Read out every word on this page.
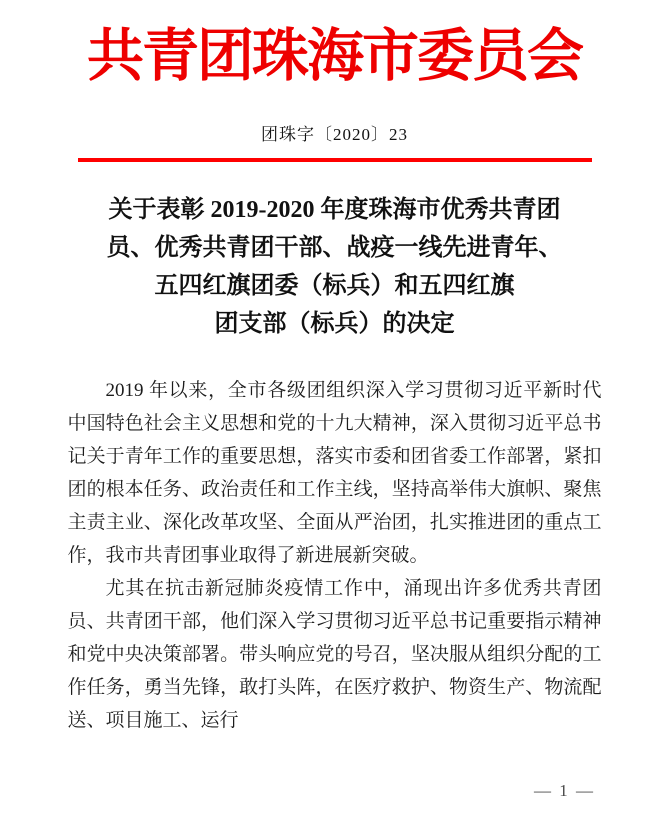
共青团珠海市委员会
团珠字〔2020〕23
关于表彰 2019-2020 年度珠海市优秀共青团
员、优秀共青团干部、战疫一线先进青年、
五四红旗团委（标兵）和五四红旗
团支部（标兵）的决定

2019 年以来，全市各级团组织深入学习贯彻习近平新时代中国特色社会主义思想和党的十九大精神，深入贯彻习近平总书记关于青年工作的重要思想，落实市委和团省委工作部署，紧扣团的根本任务、政治责任和工作主线，坚持高举伟大旗帜、聚焦主责主业、深化改革攻坚、全面从严治团，扎实推进团的重点工作，我市共青团事业取得了新进展新突破。

尤其在抗击新冠肺炎疫情工作中，涌现出许多优秀共青团员、共青团干部，他们深入学习贯彻习近平总书记重要指示精神和党中央决策部署。带头响应党的号召，坚决服从组织分配的工作任务，勇当先锋，敢打头阵，在医疗救护、物资生产、物流配送、项目施工、运行

— 1 —
